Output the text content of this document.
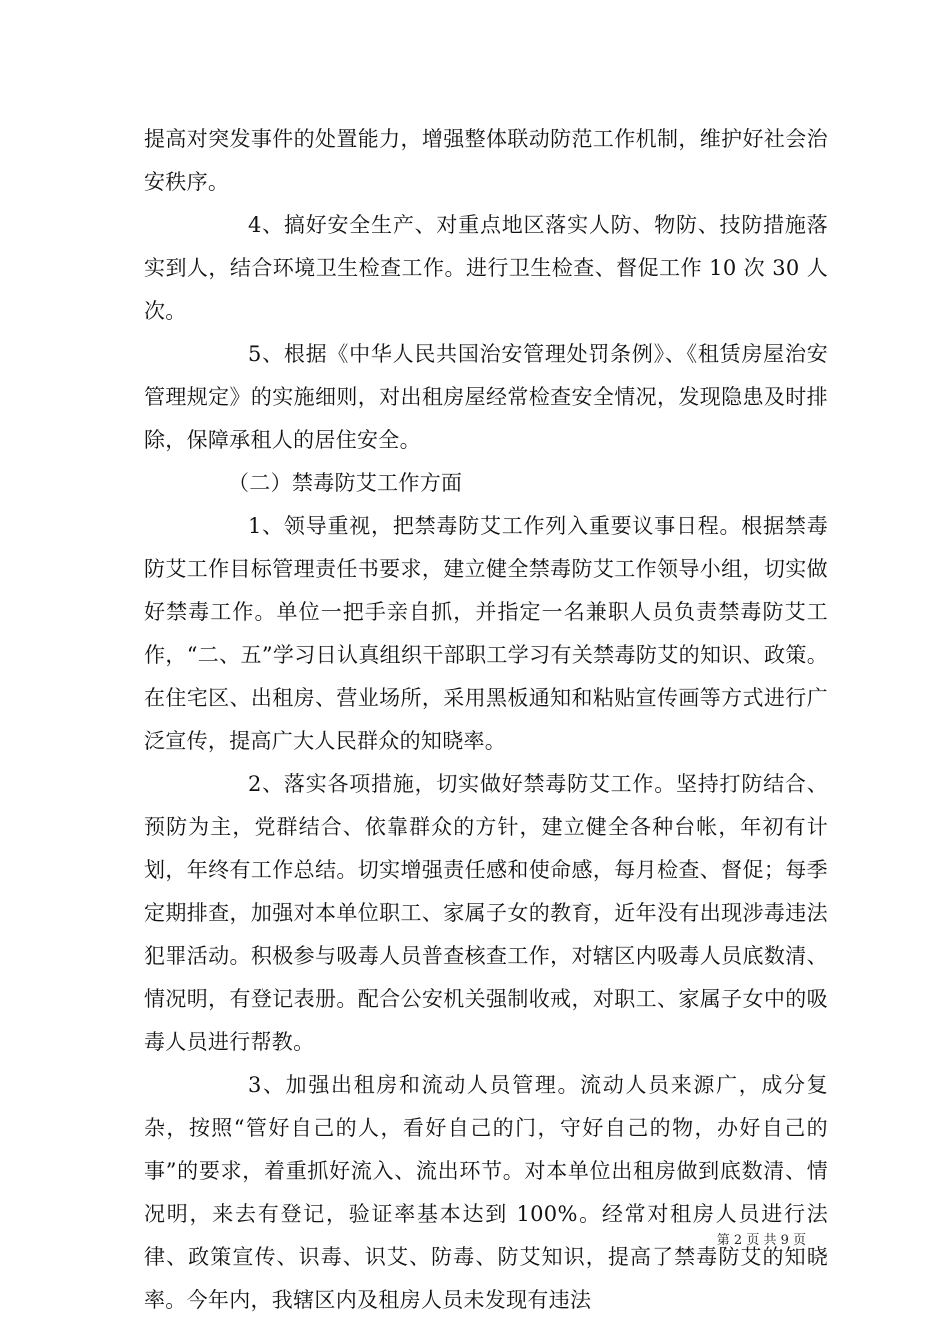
提高对突发事件的处置能力，增强整体联动防范工作机制，维护好社会治安秩序。

4、搞好安全生产、对重点地区落实人防、物防、技防措施落实到人，结合环境卫生检查工作。进行卫生检查、督促工作 10 次 30 人次。

5、根据《中华人民共国治安管理处罚条例》、《租赁房屋治安管理规定》的实施细则，对出租房屋经常检查安全情况，发现隐患及时排除，保障承租人的居住安全。

（二）禁毒防艾工作方面

1、领导重视，把禁毒防艾工作列入重要议事日程。根据禁毒防艾工作目标管理责任书要求，建立健全禁毒防艾工作领导小组，切实做好禁毒工作。单位一把手亲自抓，并指定一名兼职人员负责禁毒防艾工作，“二、五”学习日认真组织干部职工学习有关禁毒防艾的知识、政策。在住宅区、出租房、营业场所，采用黑板通知和粘贴宣传画等方式进行广泛宣传，提高广大人民群众的知晓率。

2、落实各项措施，切实做好禁毒防艾工作。坚持打防结合、预防为主，党群结合、依靠群众的方针，建立健全各种台帐，年初有计划，年终有工作总结。切实增强责任感和使命感，每月检查、督促；每季定期排查，加强对本单位职工、家属子女的教育，近年没有出现涉毒违法犯罪活动。积极参与吸毒人员普查核查工作，对辖区内吸毒人员底数清、情况明，有登记表册。配合公安机关强制收戒，对职工、家属子女中的吸毒人员进行帮教。

3、加强出租房和流动人员管理。流动人员来源广，成分复杂，按照“管好自己的人，看好自己的门，守好自己的物，办好自己的事”的要求，着重抓好流入、流出环节。对本单位出租房做到底数清、情况明，来去有登记，验证率基本达到 100%。经常对租房人员进行法律、政策宣传、识毒、识艾、防毒、防艾知识，提高了禁毒防艾的知晓率。今年内，我辖区内及租房人员未发现有违法

第 2 页 共 9 页
